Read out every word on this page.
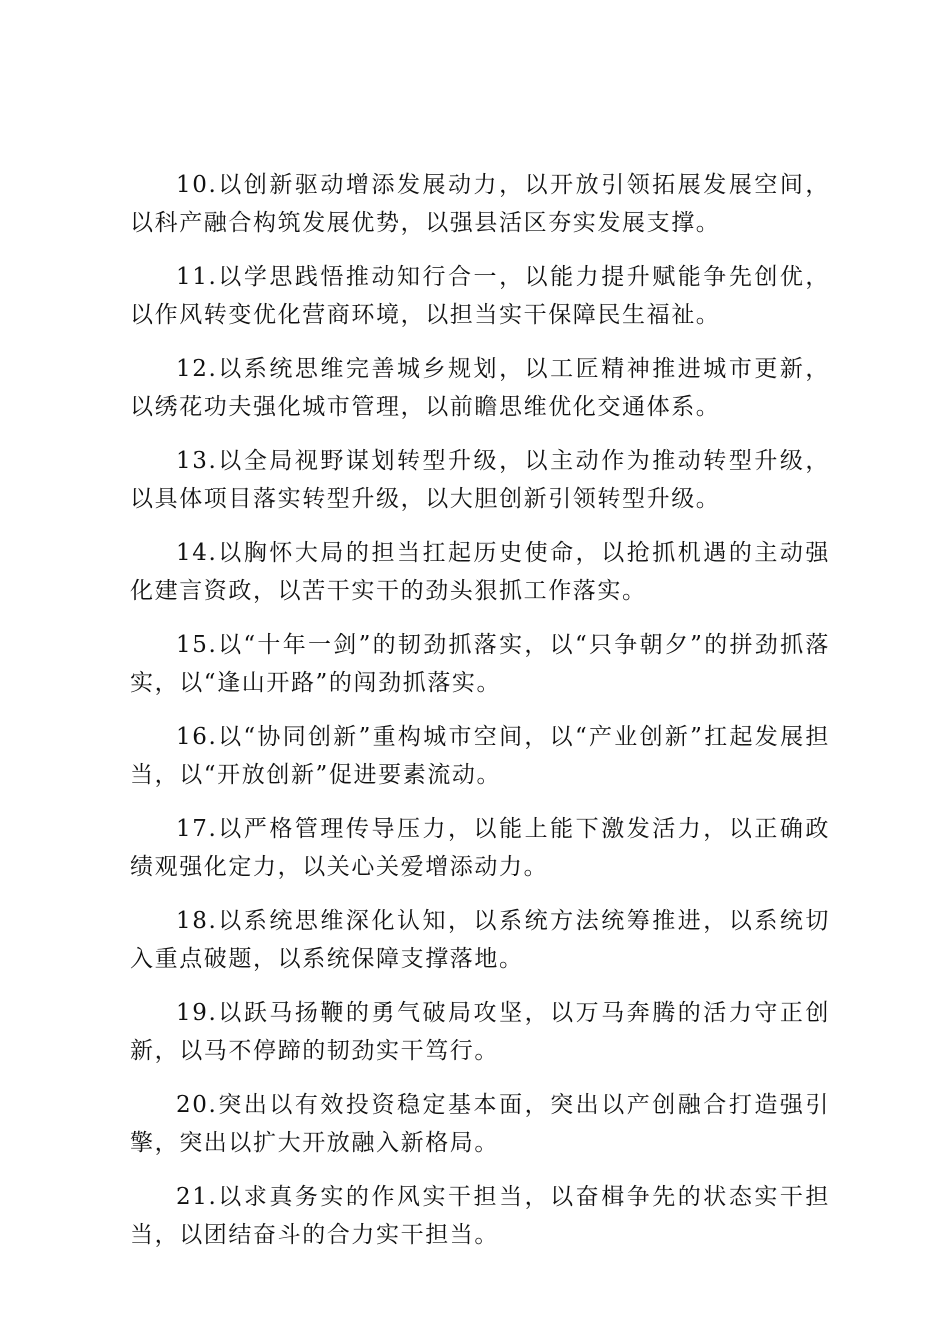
10.以创新驱动增添发展动力，以开放引领拓展发展空间，以科产融合构筑发展优势，以强县活区夯实发展支撑。

11.以学思践悟推动知行合一，以能力提升赋能争先创优，以作风转变优化营商环境，以担当实干保障民生福祉。

12.以系统思维完善城乡规划，以工匠精神推进城市更新，以绣花功夫强化城市管理，以前瞻思维优化交通体系。

13.以全局视野谋划转型升级，以主动作为推动转型升级，以具体项目落实转型升级，以大胆创新引领转型升级。

14.以胸怀大局的担当扛起历史使命，以抢抓机遇的主动强化建言资政，以苦干实干的劲头狠抓工作落实。

15.以“十年一剑”的韧劲抓落实，以“只争朝夕”的拼劲抓落实，以“逢山开路”的闯劲抓落实。

16.以“协同创新”重构城市空间，以“产业创新”扛起发展担当，以“开放创新”促进要素流动。

17.以严格管理传导压力，以能上能下激发活力，以正确政绩观强化定力，以关心关爱增添动力。

18.以系统思维深化认知，以系统方法统筹推进，以系统切入重点破题，以系统保障支撑落地。

19.以跃马扬鞭的勇气破局攻坚，以万马奔腾的活力守正创新，以马不停蹄的韧劲实干笃行。

20.突出以有效投资稳定基本面，突出以产创融合打造强引擎，突出以扩大开放融入新格局。

21.以求真务实的作风实干担当，以奋楫争先的状态实干担当，以团结奋斗的合力实干担当。
